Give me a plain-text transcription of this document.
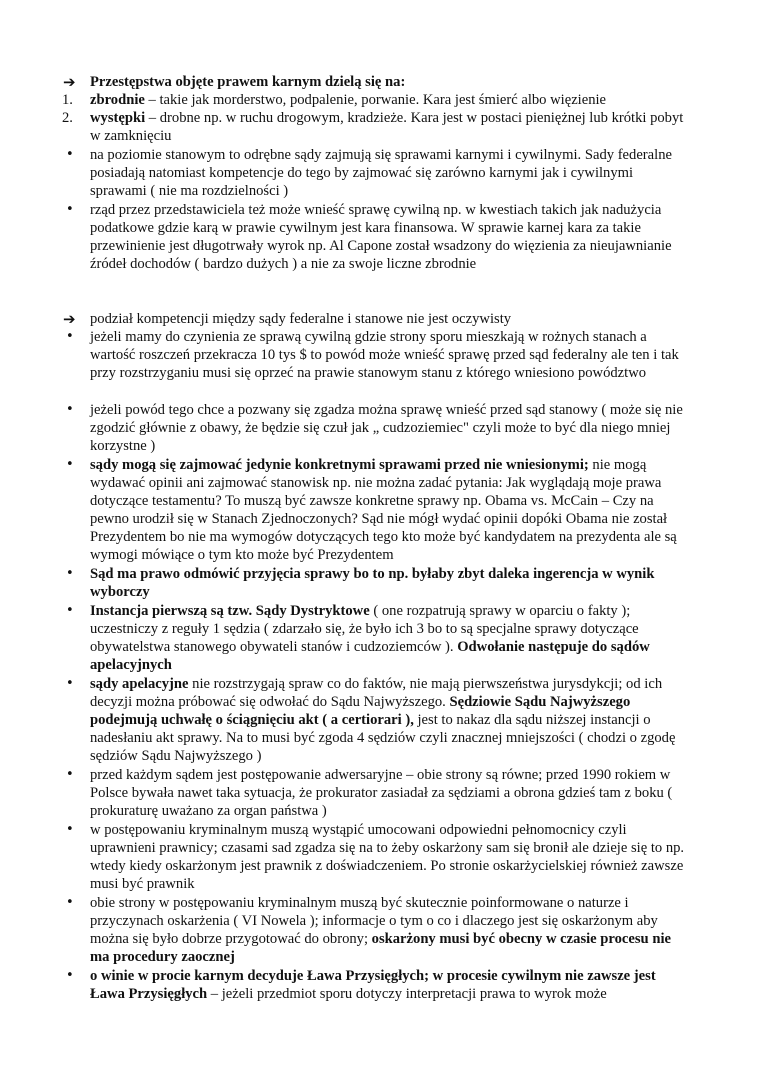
➔ Przestępstwa objęte prawem karnym dzielą się na:
1.	zbrodnie – takie jak morderstwo, podpalenie, porwanie. Kara jest śmierć albo więzienie
2.	występki – drobne np. w ruchu drogowym, kradzieże. Kara jest w postaci pieniężnej lub krótki pobyt w zamknięciu
•	na poziomie stanowym to odrębne sądy zajmują się sprawami karnymi i cywilnymi. Sady federalne posiadają natomiast kompetencje do tego by zajmować się zarówno karnymi jak i cywilnymi sprawami ( nie ma rozdzielności )
•	rząd przez przedstawiciela też może wnieść sprawę cywilną np. w kwestiach takich jak nadużycia podatkowe gdzie karą w prawie cywilnym jest kara finansowa. W sprawie karnej kara za takie przewinienie jest długotrwały wyrok np. Al Capone został wsadzony do więzienia za nieujawnianie źródeł dochodów ( bardzo dużych ) a nie za swoje liczne zbrodnie
➔ podział kompetencji między sądy federalne i stanowe nie jest oczywisty
•	jeżeli mamy do czynienia ze sprawą cywilną gdzie strony sporu mieszkają w rożnych stanach a wartość roszczeń przekracza 10 tys $ to powód może wnieść sprawę przed sąd federalny ale ten i tak przy rozstrzyganiu musi się oprzeć na prawie stanowym stanu z którego wniesiono powództwo
•	jeżeli powód tego chce a pozwany się zgadza można sprawę wnieść przed sąd stanowy ( może się nie zgodzić głównie z obawy, że będzie się czuł jak „ cudzoziemiec" czyli może to być dla niego mniej korzystne )
•	sądy mogą się zajmować jedynie konkretnymi sprawami przed nie wniesionymi; nie mogą wydawać opinii ani zajmować stanowisk np. nie można zadać pytania: Jak wyglądają moje prawa dotyczące testamentu? To muszą być zawsze konkretne sprawy np. Obama vs. McCain – Czy na pewno urodził się w Stanach Zjednoczonych? Sąd nie mógł wydać opinii dopóki Obama nie został Prezydentem bo nie ma wymogów dotyczących tego kto może być kandydatem na prezydenta ale są wymogi mówiące o tym kto może być Prezydentem
•	Sąd ma prawo odmówić przyjęcia sprawy bo to np. byłaby zbyt daleka ingerencja w wynik wyborczy
•	Instancja pierwszą są tzw. Sądy Dystryktowe ( one rozpatrują sprawy w oparciu o fakty ); uczestniczy z reguły 1 sędzia ( zdarzało się, że było ich 3 bo to są specjalne sprawy dotyczące obywatelstwa stanowego obywateli stanów i cudzoziemców ). Odwołanie następuje do sądów apelacyjnych
•	sądy apelacyjne nie rozstrzygają spraw co do faktów, nie mają pierwszeństwa jurysdykcji; od ich decyzji można próbować się odwołać do Sądu Najwyższego. Sędziowie Sądu Najwyższego podejmują uchwałę o ściągnięciu akt ( a certiorari ), jest to nakaz dla sądu niższej instancji o nadesłaniu akt sprawy. Na to musi być zgoda 4 sędziów czyli znacznej mniejszości ( chodzi o zgodę sędziów Sądu Najwyższego )
•	przed każdym sądem jest postępowanie adwersaryjne – obie strony są równe; przed 1990 rokiem w Polsce bywała nawet taka sytuacja, że prokurator zasiadał za sędziami a obrona gdzieś tam z boku ( prokuraturę uważano za organ państwa )
•	w postępowaniu kryminalnym muszą wystąpić umocowani odpowiedni pełnomocnicy czyli uprawnieni prawnicy; czasami sad zgadza się na to żeby oskarżony sam się bronił ale dzieje się to np. wtedy kiedy oskarżonym jest prawnik z doświadczeniem. Po stronie oskarżycielskiej również zawsze musi być prawnik
•	obie strony w postępowaniu kryminalnym muszą być skutecznie poinformowane o naturze i przyczynach oskarżenia ( VI Nowela ); informacje o tym o co i dlaczego jest się oskarżonym aby można się było dobrze przygotować do obrony; oskarżony musi być obecny w czasie procesu nie ma procedury zaocznej
•	o winie w procie karnym decyduje Ława Przysięgłych; w procesie cywilnym nie zawsze jest Ława Przysięgłych – jeżeli przedmiot sporu dotyczy interpretacji prawa to wyrok może
